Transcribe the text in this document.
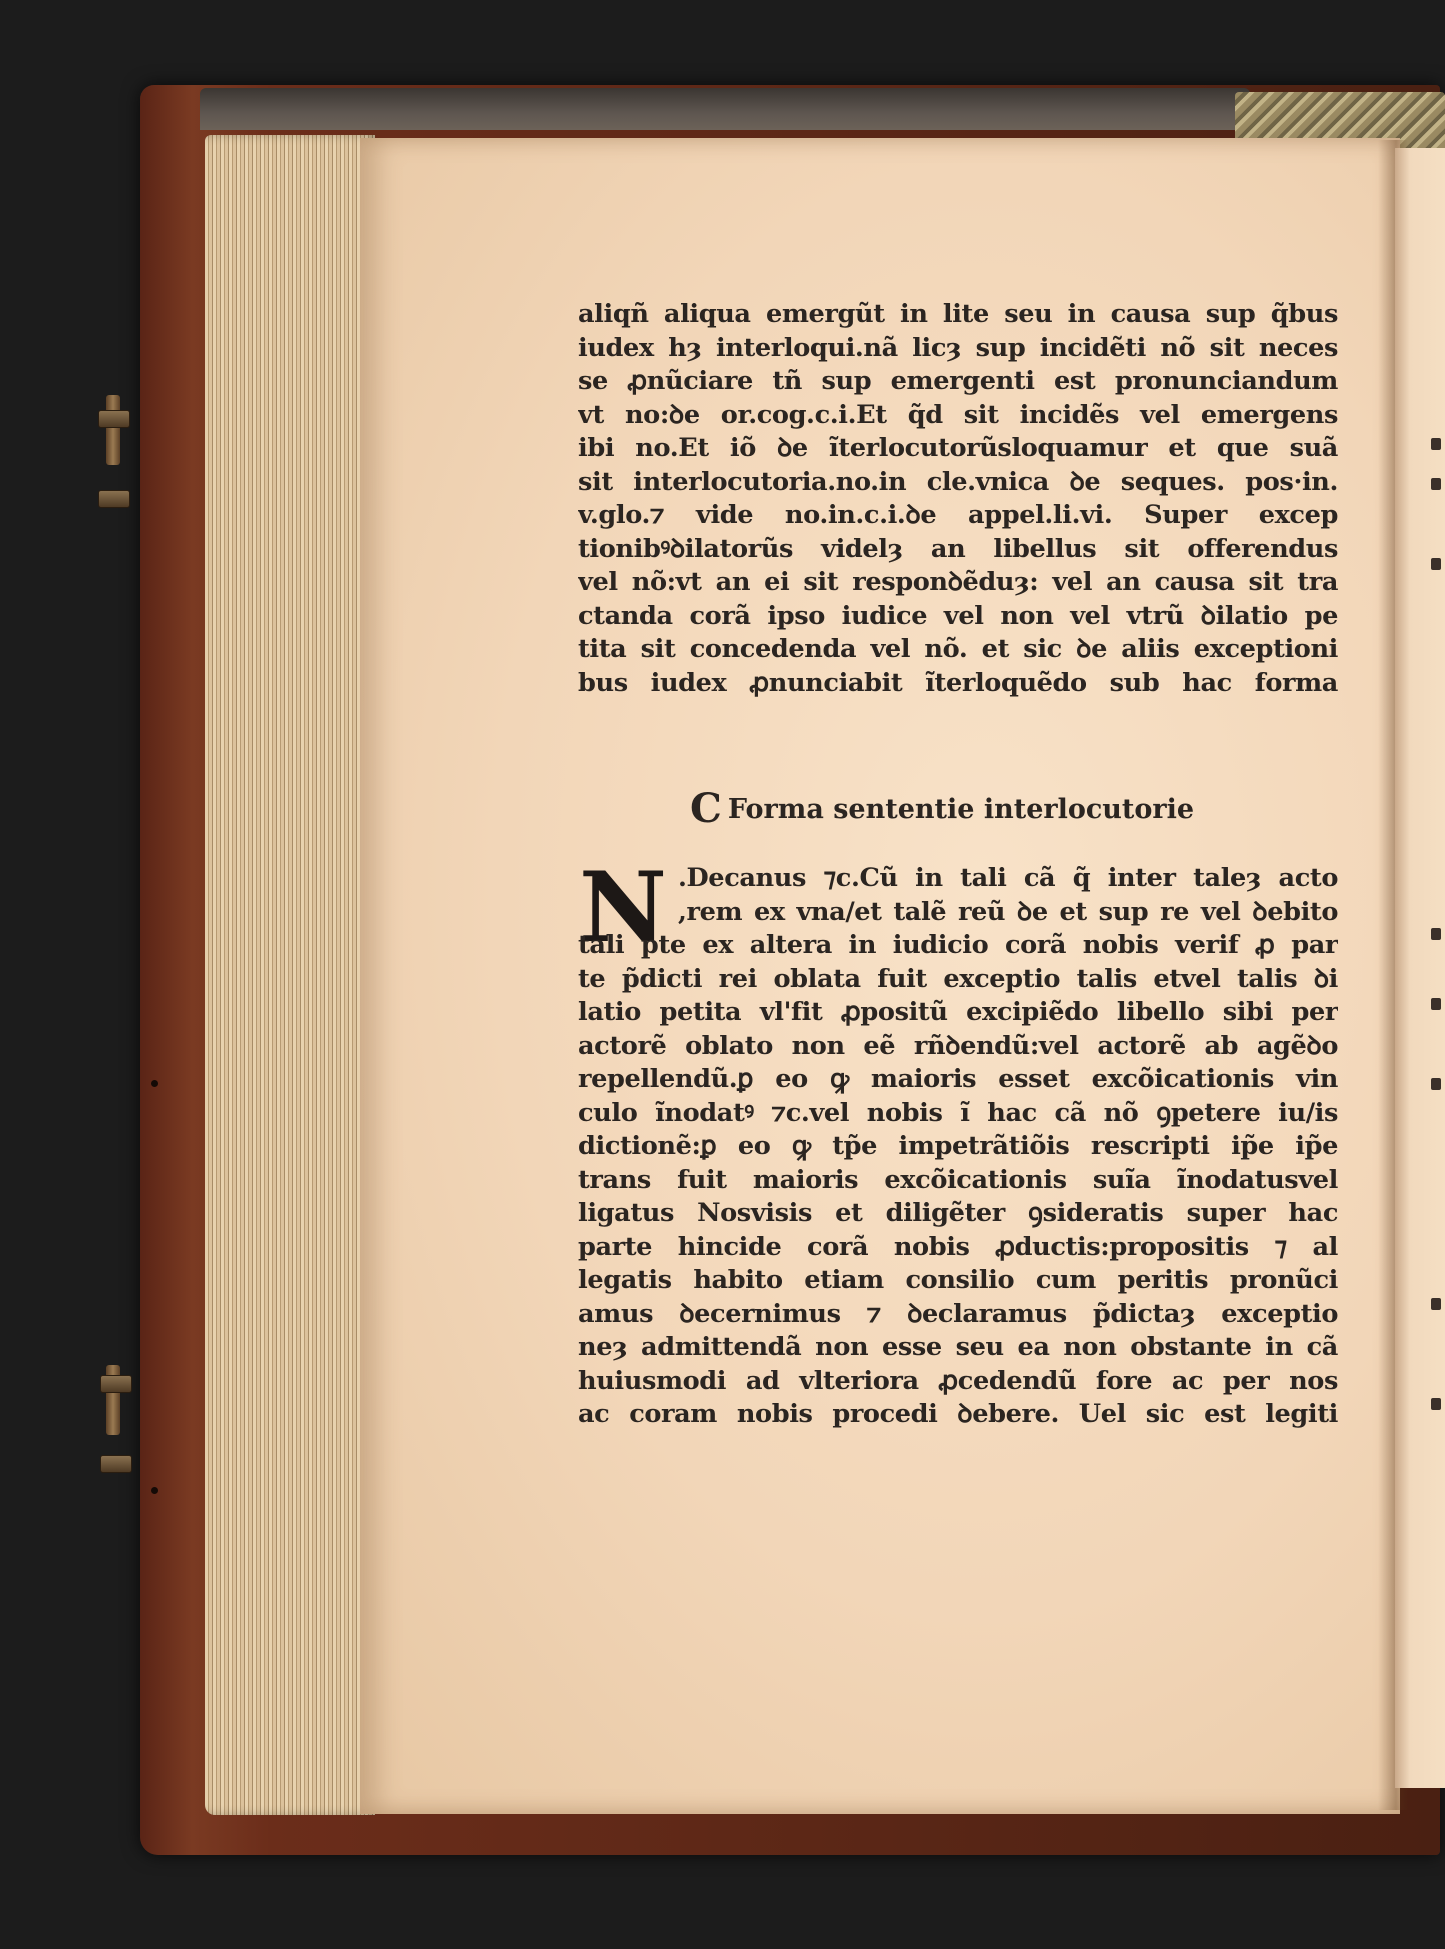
aliqñ aliqua emergũt in lite seu in causa sup q̃bus
iudex hȝ interloqui.nã licȝ sup incidẽti nõ sit neces
se ꝓnũciare tñ sup emergenti est pronunciandum
vt no:ꝺe or.cog.c.i.Et q̃d sit incidẽs vel emergens
ibi no.Et iõ ꝺe ĩterlocutorũsloquamur et que suã
sit interlocutoria.no.in cle.vnica ꝺe seques. pos·in.
v.glo.⁊ vide no.in.c.i.ꝺe appel.li.vi. Super excep
tionibꝰꝺilatorũs videlȝ an libellus sit offerendus
vel nõ:vt an ei sit responꝺẽduȝ: vel an causa sit tra
ctanda corã ipso iudice vel non vel vtrũ ꝺilatio pe
tita sit concedenda vel nõ. et sic ꝺe aliis exceptioni
bus iudex ꝓnunciabit ĩterloquẽdo sub hac forma
C Forma sententie interlocutorie
N .Decanus ⁊c.Cũ in tali cã q̃ inter taleȝ acto
,rem ex vna/et talẽ reũ ꝺe et sup re vel ꝺebito
tali pte ex altera in iudicio corã nobis verif ꝓ par
te p̃dicti rei oblata fuit exceptio talis etvel talis ꝺi
latio petita vl'fit ꝓpositũ excipiẽdo libello sibi per
actorẽ oblato non eẽ rñꝺendũ:vel actorẽ ab agẽꝺo
repellendũ.ꝑ eo ꝙ maioris esset excõicationis vin
culo ĩnodatꝰ ⁊c.vel nobis ĩ hac cã nõ ꝯpetere iu/is
dictionẽ:ꝑ eo ꝙ tp̃e impetrãtiõis rescripti ip̃e ip̃e
trans fuit maioris excõicationis suĩa ĩnodatusvel
ligatus Nosvisis et diligẽter ꝯsideratis super hac
parte hincide corã nobis ꝓductis:propositis ⁊ al
legatis habito etiam consilio cum peritis pronũci
amus ꝺecernimus ⁊ ꝺeclaramus p̃dictaȝ exceptio
neȝ admittendã non esse seu ea non obstante in cã
huiusmodi ad vlteriora ꝓcedendũ fore ac per nos
ac coram nobis procedi ꝺebere. Uel sic est legiti
